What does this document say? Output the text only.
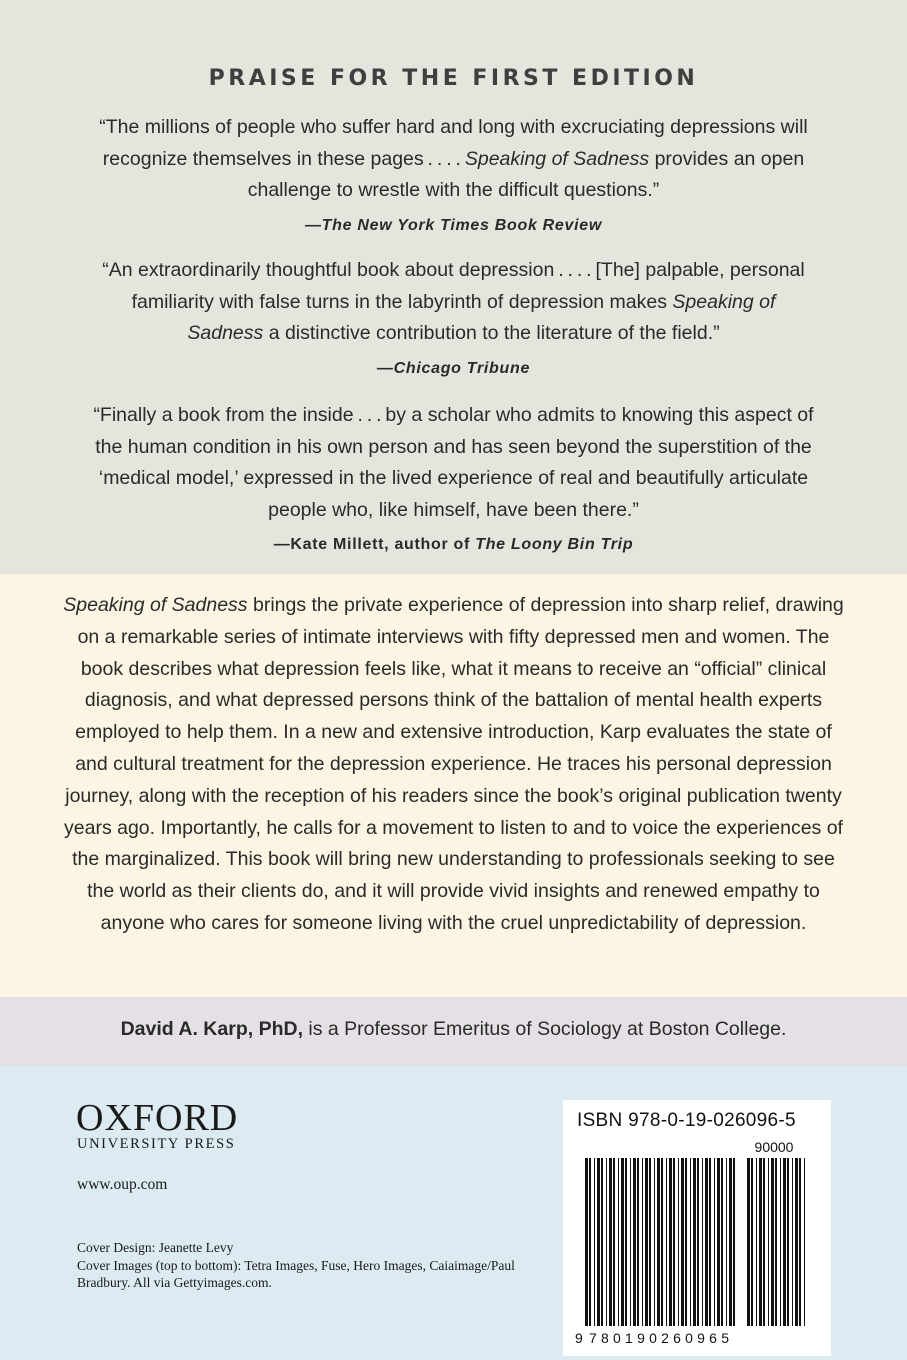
PRAISE FOR THE FIRST EDITION

“The millions of people who suffer hard and long with excruciating depressions will

recognize themselves in these pages . . . . Speaking of Sadness provides an open

challenge to wrestle with the difficult questions.”

—The New York Times Book Review

“An extraordinarily thoughtful book about depression . . . . [The] palpable, personal

familiarity with false turns in the labyrinth of depression makes Speaking of

Sadness a distinctive contribution to the literature of the field.”

—Chicago Tribune

“Finally a book from the inside . . . by a scholar who admits to knowing this aspect of

the human condition in his own person and has seen beyond the superstition of the

‘medical model,’ expressed in the lived experience of real and beautifully articulate

people who, like himself, have been there.”

—Kate Millett, author of The Loony Bin Trip

Speaking of Sadness brings the private experience of depression into sharp relief, drawing on a remarkable series of intimate interviews with fifty depressed men and women. The book describes what depression feels like, what it means to receive an “official” clinical diagnosis, and what depressed persons think of the battalion of mental health experts employed to help them. In a new and extensive introduction, Karp evaluates the state of and cultural treatment for the depression experience. He traces his personal depression journey, along with the reception of his readers since the book’s original publication twenty years ago. Importantly, he calls for a movement to listen to and to voice the experiences of the marginalized. This book will bring new understanding to professionals seeking to see the world as their clients do, and it will provide vivid insights and renewed empathy to anyone who cares for someone living with the cruel unpredictability of depression.

David A. Karp, PhD, is a Professor Emeritus of Sociology at Boston College.

OXFORD
UNIVERSITY PRESS
www.oup.com

Cover Design: Jeanette Levy

Cover Images (top to bottom): Tetra Images, Fuse, Hero Images, Caiaimage/Paul Bradbury. All via Gettyimages.com.

ISBN 978-0-19-026096-5
90000
9 780190260965
